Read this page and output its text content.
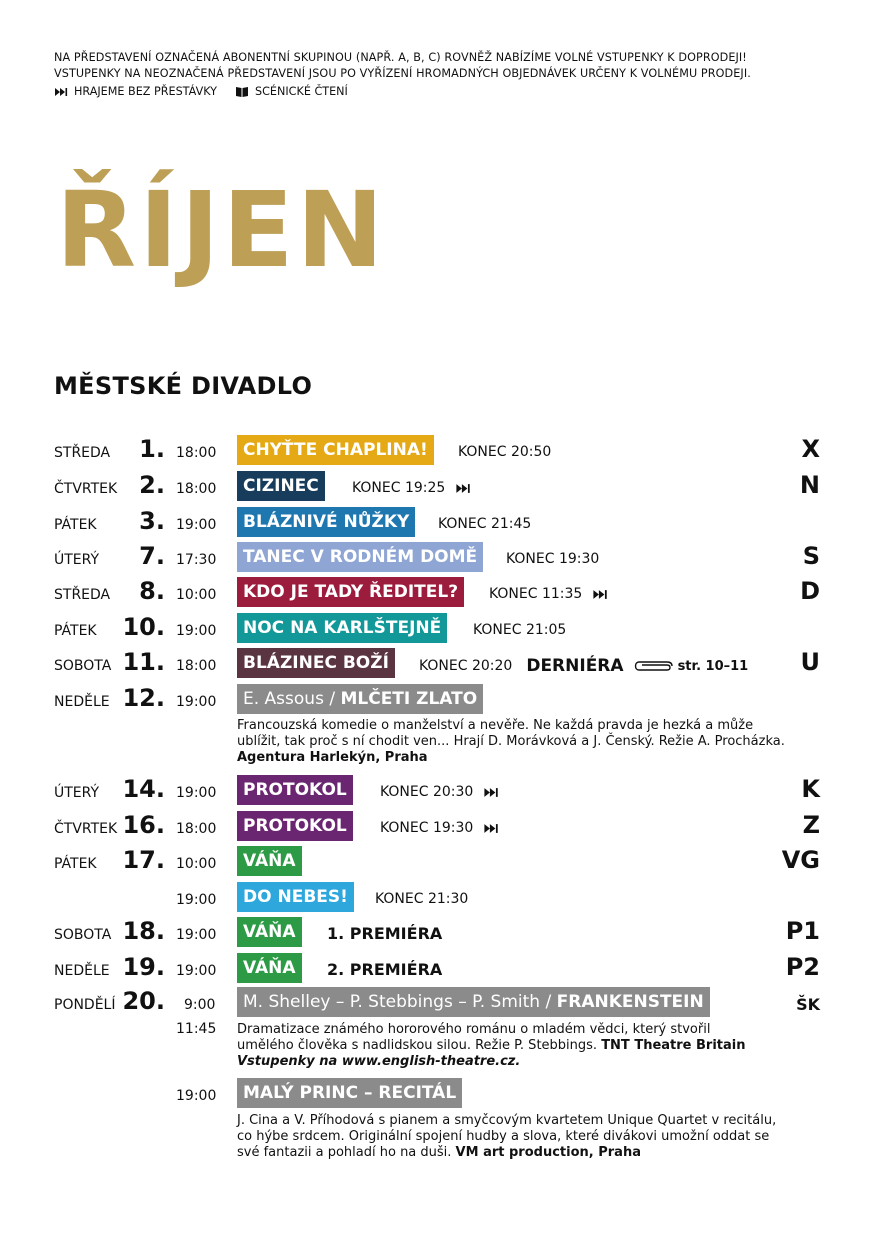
NA PŘEDSTAVENÍ OZNAČENÁ ABONENTNÍ SKUPINOU (NAPŘ. A, B, C) ROVNĚŽ NABÍZÍME VOLNÉ VSTUPENKY K DOPRODEJI!
VSTUPENKY NA NEOZNAČENÁ PŘEDSTAVENÍ JSOU PO VYŘÍZENÍ HROMADNÝCH OBJEDNÁVEK URČENY K VOLNÉMU PRODEJI.
HRAJEME BEZ PŘESTÁVKY	SCÉNICKÉ ČTENÍ
ŘÍJEN
MĚSTSKÉ DIVADLO
STŘEDA	1. 18:00	CHYŤTE CHAPLINA!	KONEC 20:50	X
ČTVRTEK 2. 18:00	CIZINEC	KONEC 19:25	N
PÁTEK	3. 19:00	BLÁZNIVÉ NŮŽKY	KONEC 21:45
ÚTERÝ	7. 17:30	TANEC V RODNÉM DOMĚ	KONEC 19:30	S
STŘEDA	8. 10:00	KDO JE TADY ŘEDITEL?	KONEC 11:35	D
PÁTEK	10. 19:00	NOC NA KARLŠTEJNĚ	KONEC 21:05
SOBOTA 11. 18:00	BLÁZINEC BOŽÍ	KONEC 20:20 DERNIÉRA	str. 10–11 U
NEDĚLE 12. 19:00	E. Assous / MLČETI ZLATO
Francouzská komedie o manželství a nevěře. Ne každá pravda je hezká a může
ublížit, tak proč s ní chodit ven... Hrají D. Morávková a J. Čenský. Režie A. Procházka.
Agentura Harlekýn, Praha
ÚTERÝ 14. 19:00	PROTOKOL	KONEC 20:30	K
ČTVRTEK 16. 18:00	PROTOKOL	KONEC 19:30	Z
PÁTEK	17. 10:00	VÁŇA	VG
19:00	DO NEBES!	KONEC 21:30
SOBOTA 18. 19:00	VÁŇA	1. PREMIÉRA	P1
NEDĚLE 19. 19:00	VÁŇA	2. PREMIÉRA	P2
PONDĚLÍ 20. 9:00	M. Shelley – P. Stebbings – P. Smith / FRANKENSTEIN	ŠK
11:45 Dramatizace známého hororového románu o mladém vědci, který stvořil
umělého člověka s nadlidskou silou. Režie P. Stebbings. TNT Theatre Britain
Vstupenky na www.english-theatre.cz.
19:00	MALÝ PRINC – RECITÁL
J. Cina a V. Příhodová s pianem a smyčcovým kvartetem Unique Quartet v recitálu,
co hýbe srdcem. Originální spojení hudby a slova, které divákovi umožní oddat se
své fantazii a pohladí ho na duši. VM art production, Praha
